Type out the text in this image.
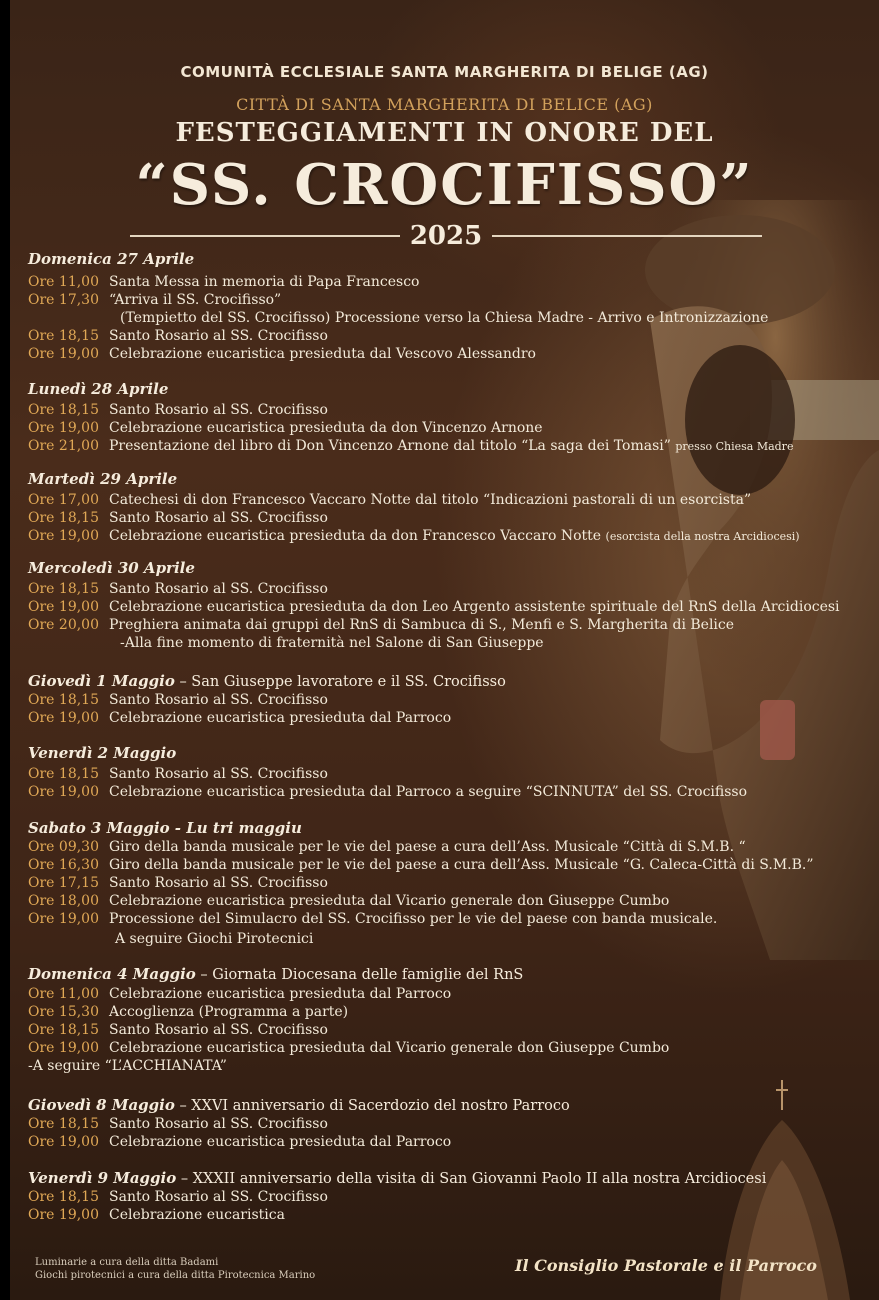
COMUNITÀ ECCLESIALE SANTA MARGHERITA DI BELIGE (AG)
CITTÀ DI SANTA MARGHERITA DI BELICE (AG)
FESTEGGIAMENTI IN ONORE DEL
“SS. CROCIFISSO”
2025
Domenica 27 Aprile
Ore 11,00 Santa Messa in memoria di Papa Francesco
Ore 17,30 “Arriva il SS. Crocifisso”
(Tempietto del SS. Crocifisso) Processione verso la Chiesa Madre - Arrivo e Intronizzazione
Ore 18,15 Santo Rosario al SS. Crocifisso
Ore 19,00 Celebrazione eucaristica presieduta dal Vescovo Alessandro
Lunedì 28 Aprile
Ore 18,15 Santo Rosario al SS. Crocifisso
Ore 19,00 Celebrazione eucaristica presieduta da don Vincenzo Arnone
Ore 21,00 Presentazione del libro di Don Vincenzo Arnone dal titolo “La saga dei Tomasi” presso Chiesa Madre
Martedì 29 Aprile
Ore 17,00 Catechesi di don Francesco Vaccaro Notte dal titolo “Indicazioni pastorali di un esorcista”
Ore 18,15 Santo Rosario al SS. Crocifisso
Ore 19,00 Celebrazione eucaristica presieduta da don Francesco Vaccaro Notte (esorcista della nostra Arcidiocesi)
Mercoledì 30 Aprile
Ore 18,15 Santo Rosario al SS. Crocifisso
Ore 19,00 Celebrazione eucaristica presieduta da don Leo Argento assistente spirituale del RnS della Arcidiocesi
Ore 20,00 Preghiera animata dai gruppi del RnS di Sambuca di S., Menfi e S. Margherita di Belice
-Alla fine momento di fraternità nel Salone di San Giuseppe
Giovedì 1 Maggio – San Giuseppe lavoratore e il SS. Crocifisso
Ore 18,15 Santo Rosario al SS. Crocifisso
Ore 19,00 Celebrazione eucaristica presieduta dal Parroco
Venerdì 2 Maggio
Ore 18,15 Santo Rosario al SS. Crocifisso
Ore 19,00 Celebrazione eucaristica presieduta dal Parroco a seguire “SCINNUTA” del SS. Crocifisso
Sabato 3 Maggio - Lu tri maggiu
Ore 09,30 Giro della banda musicale per le vie del paese a cura dell’Ass. Musicale “Città di S.M.B. “
Ore 16,30 Giro della banda musicale per le vie del paese a cura dell’Ass. Musicale “G. Caleca-Città di S.M.B.”
Ore 17,15 Santo Rosario al SS. Crocifisso
Ore 18,00 Celebrazione eucaristica presieduta dal Vicario generale don Giuseppe Cumbo
Ore 19,00 Processione del Simulacro del SS. Crocifisso per le vie del paese con banda musicale.
A seguire Giochi Pirotecnici
Domenica 4 Maggio – Giornata Diocesana delle famiglie del RnS
Ore 11,00 Celebrazione eucaristica presieduta dal Parroco
Ore 15,30 Accoglienza (Programma a parte)
Ore 18,15 Santo Rosario al SS. Crocifisso
Ore 19,00 Celebrazione eucaristica presieduta dal Vicario generale don Giuseppe Cumbo
-A seguire “L’ACCHIANATA”
Giovedì 8 Maggio – XXVI anniversario di Sacerdozio del nostro Parroco
Ore 18,15 Santo Rosario al SS. Crocifisso
Ore 19,00 Celebrazione eucaristica presieduta dal Parroco
Venerdì 9 Maggio – XXXII anniversario della visita di San Giovanni Paolo II alla nostra Arcidiocesi
Ore 18,15 Santo Rosario al SS. Crocifisso
Ore 19,00 Celebrazione eucaristica
Luminarie a cura della ditta Badami
Giochi pirotecnici a cura della ditta Pirotecnica Marino
Il Consiglio Pastorale e il Parroco
